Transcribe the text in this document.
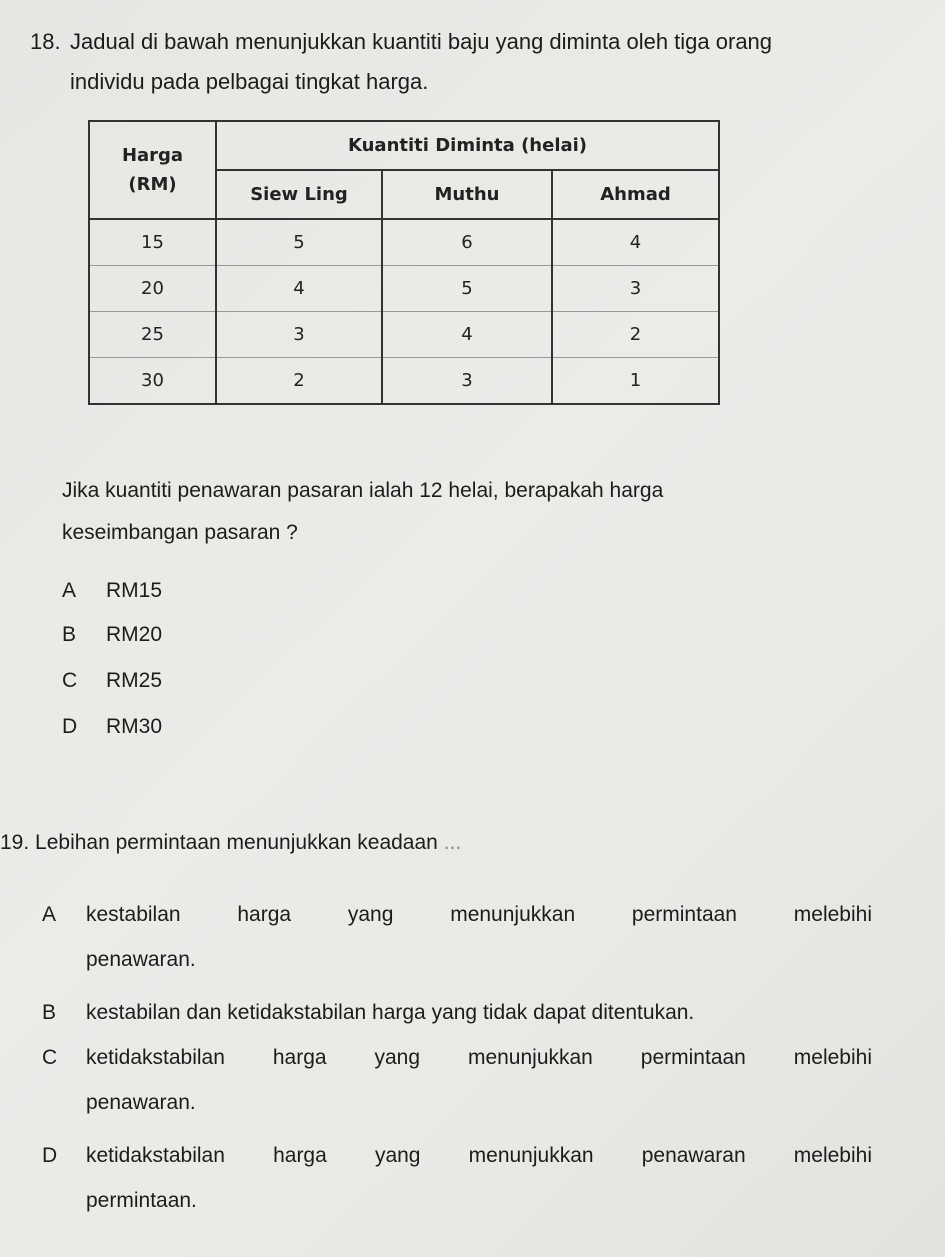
18. Jadual di bawah menunjukkan kuantiti baju yang diminta oleh tiga orang
individu pada pelbagai tingkat harga.
Harga	Kuantiti Diminta (helai)		
(RM)	Siew Ling	Muthu	Ahmad
15	5	6	4
20	4	5	3
25	3	4	2
30	2	3	1
Jika kuantiti penawaran pasaran ialah 12 helai, berapakah harga
keseimbangan pasaran ?
A RM15
B RM20
C RM25
D RM30
19. Lebihan permintaan menunjukkan keadaan ...
A kestabilan harga yang menunjukkan permintaan melebihi
penawaran.
B kestabilan dan ketidakstabilan harga yang tidak dapat ditentukan.
C ketidakstabilan harga yang menunjukkan permintaan melebihi
penawaran.
D ketidakstabilan harga yang menunjukkan penawaran melebihi
permintaan.
